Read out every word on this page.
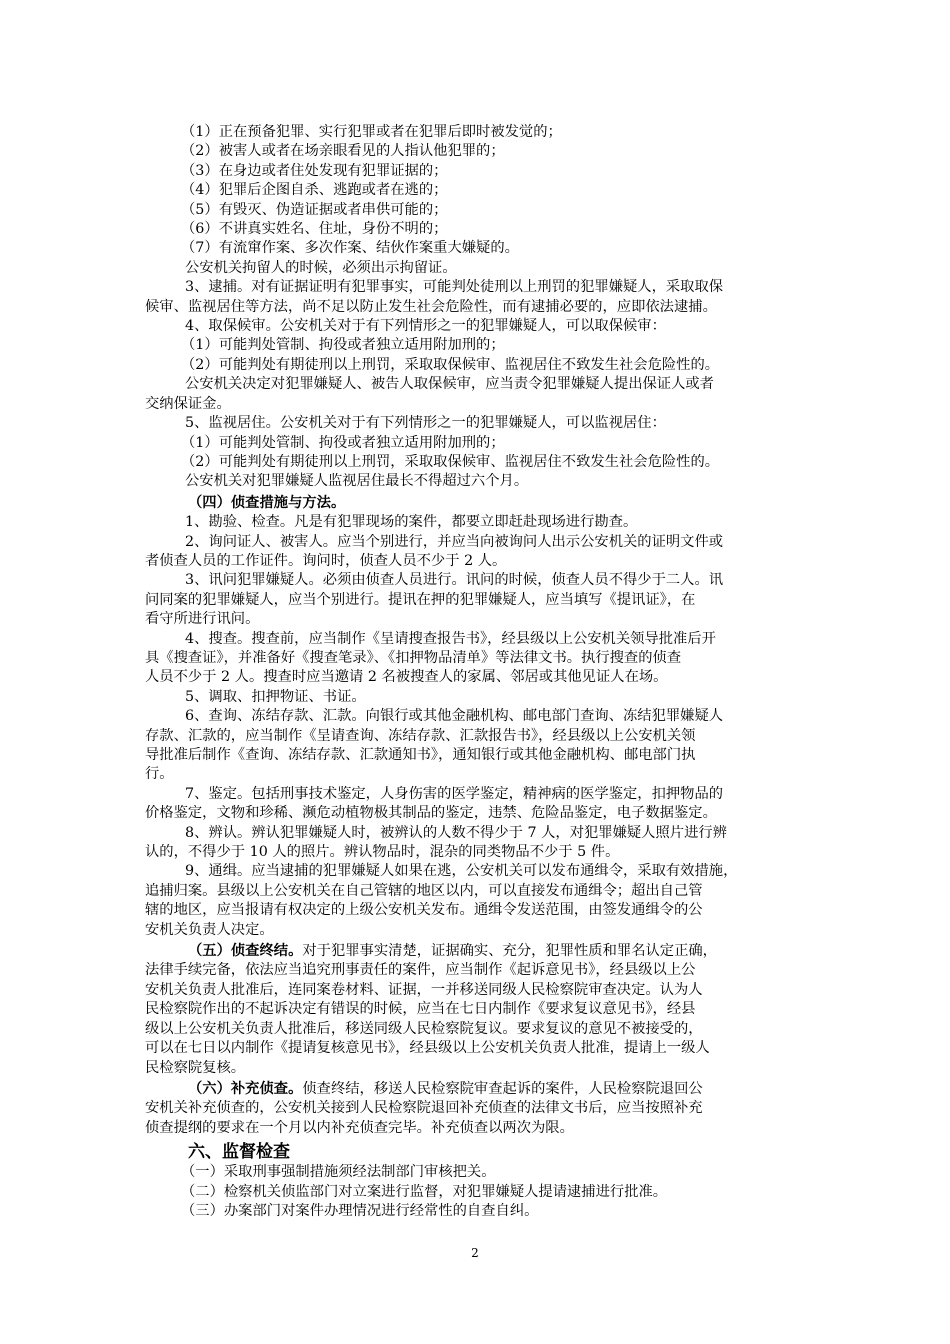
（1）正在预备犯罪、实行犯罪或者在犯罪后即时被发觉的；
（2）被害人或者在场亲眼看见的人指认他犯罪的；
（3）在身边或者住处发现有犯罪证据的；
（4）犯罪后企图自杀、逃跑或者在逃的；
（5）有毁灭、伪造证据或者串供可能的；
（6）不讲真实姓名、住址，身份不明的；
（7）有流窜作案、多次作案、结伙作案重大嫌疑的。
公安机关拘留人的时候，必须出示拘留证。
3、逮捕。对有证据证明有犯罪事实，可能判处徒刑以上刑罚的犯罪嫌疑人，采取取保
候审、监视居住等方法，尚不足以防止发生社会危险性，而有逮捕必要的，应即依法逮捕。
4、取保候审。公安机关对于有下列情形之一的犯罪嫌疑人，可以取保候审：
（1）可能判处管制、拘役或者独立适用附加刑的；
（2）可能判处有期徒刑以上刑罚，采取取保候审、监视居住不致发生社会危险性的。
公安机关决定对犯罪嫌疑人、被告人取保候审，应当责令犯罪嫌疑人提出保证人或者
交纳保证金。
5、监视居住。公安机关对于有下列情形之一的犯罪嫌疑人，可以监视居住：
（1）可能判处管制、拘役或者独立适用附加刑的；
（2）可能判处有期徒刑以上刑罚，采取取保候审、监视居住不致发生社会危险性的。
公安机关对犯罪嫌疑人监视居住最长不得超过六个月。
（四）侦查措施与方法。
1、勘验、检查。凡是有犯罪现场的案件，都要立即赶赴现场进行勘查。
2、询问证人、被害人。应当个别进行，并应当向被询问人出示公安机关的证明文件或
者侦查人员的工作证件。询问时，侦查人员不少于 2 人。
3、讯问犯罪嫌疑人。必须由侦查人员进行。讯问的时候，侦查人员不得少于二人。讯
问同案的犯罪嫌疑人，应当个别进行。提讯在押的犯罪嫌疑人，应当填写《提讯证》，在
看守所进行讯问。
4、搜查。搜查前，应当制作《呈请搜查报告书》，经县级以上公安机关领导批准后开
具《搜查证》，并准备好《搜查笔录》、《扣押物品清单》等法律文书。执行搜查的侦查
人员不少于 2 人。搜查时应当邀请 2 名被搜查人的家属、邻居或其他见证人在场。
5、调取、扣押物证、书证。
6、查询、冻结存款、汇款。向银行或其他金融机构、邮电部门查询、冻结犯罪嫌疑人
存款、汇款的，应当制作《呈请查询、冻结存款、汇款报告书》，经县级以上公安机关领
导批准后制作《查询、冻结存款、汇款通知书》，通知银行或其他金融机构、邮电部门执
行。
7、鉴定。包括刑事技术鉴定，人身伤害的医学鉴定，精神病的医学鉴定，扣押物品的
价格鉴定，文物和珍稀、濒危动植物极其制品的鉴定，违禁、危险品鉴定，电子数据鉴定。
8、辨认。辨认犯罪嫌疑人时，被辨认的人数不得少于 7 人，对犯罪嫌疑人照片进行辨
认的，不得少于 10 人的照片。辨认物品时，混杂的同类物品不少于 5 件。
9、通缉。应当逮捕的犯罪嫌疑人如果在逃，公安机关可以发布通缉令，采取有效措施，
追捕归案。县级以上公安机关在自己管辖的地区以内，可以直接发布通缉令；超出自己管
辖的地区，应当报请有权决定的上级公安机关发布。通缉令发送范围，由签发通缉令的公
安机关负责人决定。
（五）侦查终结。对于犯罪事实清楚，证据确实、充分，犯罪性质和罪名认定正确，
法律手续完备，依法应当追究刑事责任的案件，应当制作《起诉意见书》，经县级以上公
安机关负责人批准后，连同案卷材料、证据，一并移送同级人民检察院审查决定。认为人
民检察院作出的不起诉决定有错误的时候，应当在七日内制作《要求复议意见书》，经县
级以上公安机关负责人批准后，移送同级人民检察院复议。要求复议的意见不被接受的，
可以在七日以内制作《提请复核意见书》，经县级以上公安机关负责人批准，提请上一级人
民检察院复核。
（六）补充侦查。侦查终结，移送人民检察院审查起诉的案件，人民检察院退回公
安机关补充侦查的，公安机关接到人民检察院退回补充侦查的法律文书后，应当按照补充
侦查提纲的要求在一个月以内补充侦查完毕。补充侦查以两次为限。
六、监督检查
（一）采取刑事强制措施须经法制部门审核把关。
（二）检察机关侦监部门对立案进行监督，对犯罪嫌疑人提请逮捕进行批准。
（三）办案部门对案件办理情况进行经常性的自查自纠。
2
